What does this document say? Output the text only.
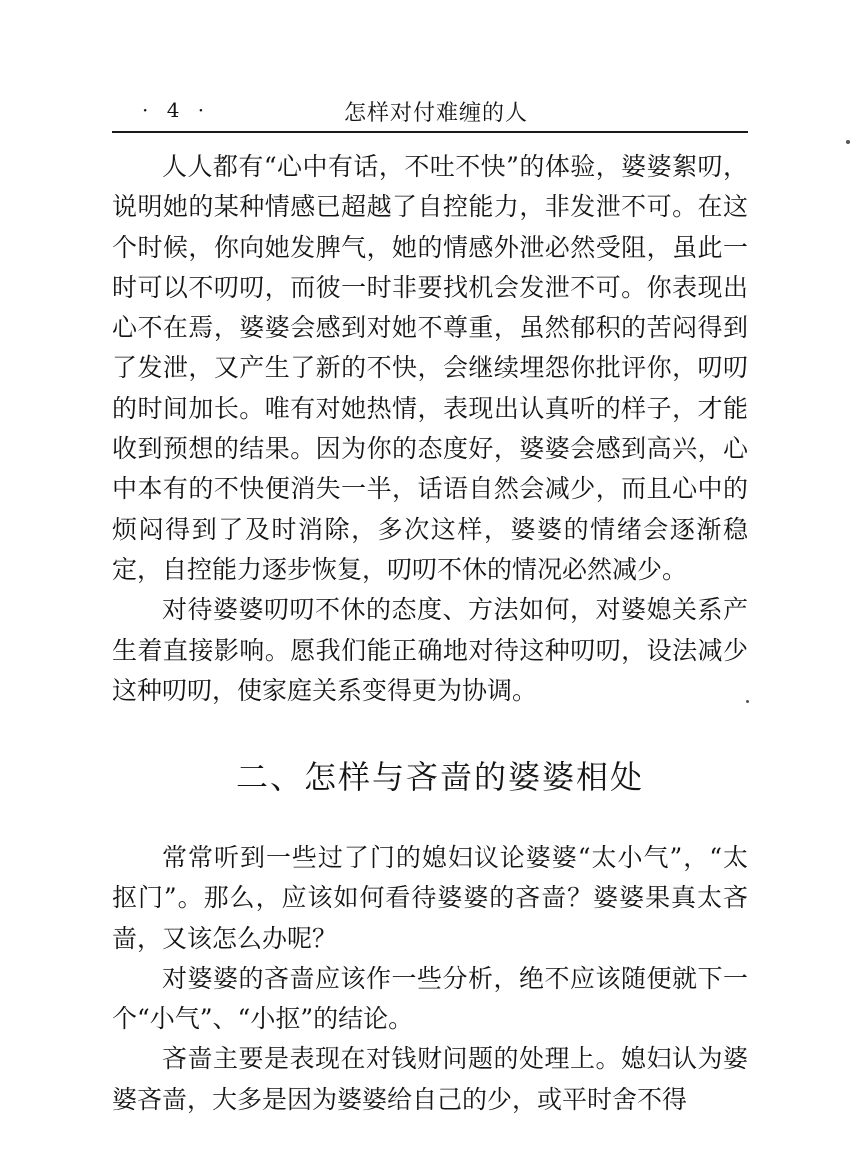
· 4 ·	怎样对付难缠的人

人人都有“心中有话，不吐不快”的体验，婆婆絮叨，说明她的某种情感已超越了自控能力，非发泄不可。在这个时候，你向她发脾气，她的情感外泄必然受阻，虽此一时可以不叨叨，而彼一时非要找机会发泄不可。你表现出心不在焉，婆婆会感到对她不尊重，虽然郁积的苦闷得到了发泄，又产生了新的不快，会继续埋怨你批评你，叨叨的时间加长。唯有对她热情，表现出认真听的样子，才能收到预想的结果。因为你的态度好，婆婆会感到高兴，心中本有的不快便消失一半，话语自然会减少，而且心中的烦闷得到了及时消除，多次这样，婆婆的情绪会逐渐稳定，自控能力逐步恢复，叨叨不休的情况必然减少。

对待婆婆叨叨不休的态度、方法如何，对婆媳关系产生着直接影响。愿我们能正确地对待这种叨叨，设法减少这种叨叨，使家庭关系变得更为协调。

二、怎样与吝啬的婆婆相处

常常听到一些过了门的媳妇议论婆婆“太小气”，“太抠门”。那么，应该如何看待婆婆的吝啬？婆婆果真太吝啬，又该怎么办呢？

对婆婆的吝啬应该作一些分析，绝不应该随便就下一个“小气”、“小抠”的结论。

吝啬主要是表现在对钱财问题的处理上。媳妇认为婆婆吝啬，大多是因为婆婆给自己的少，或平时舍不得
